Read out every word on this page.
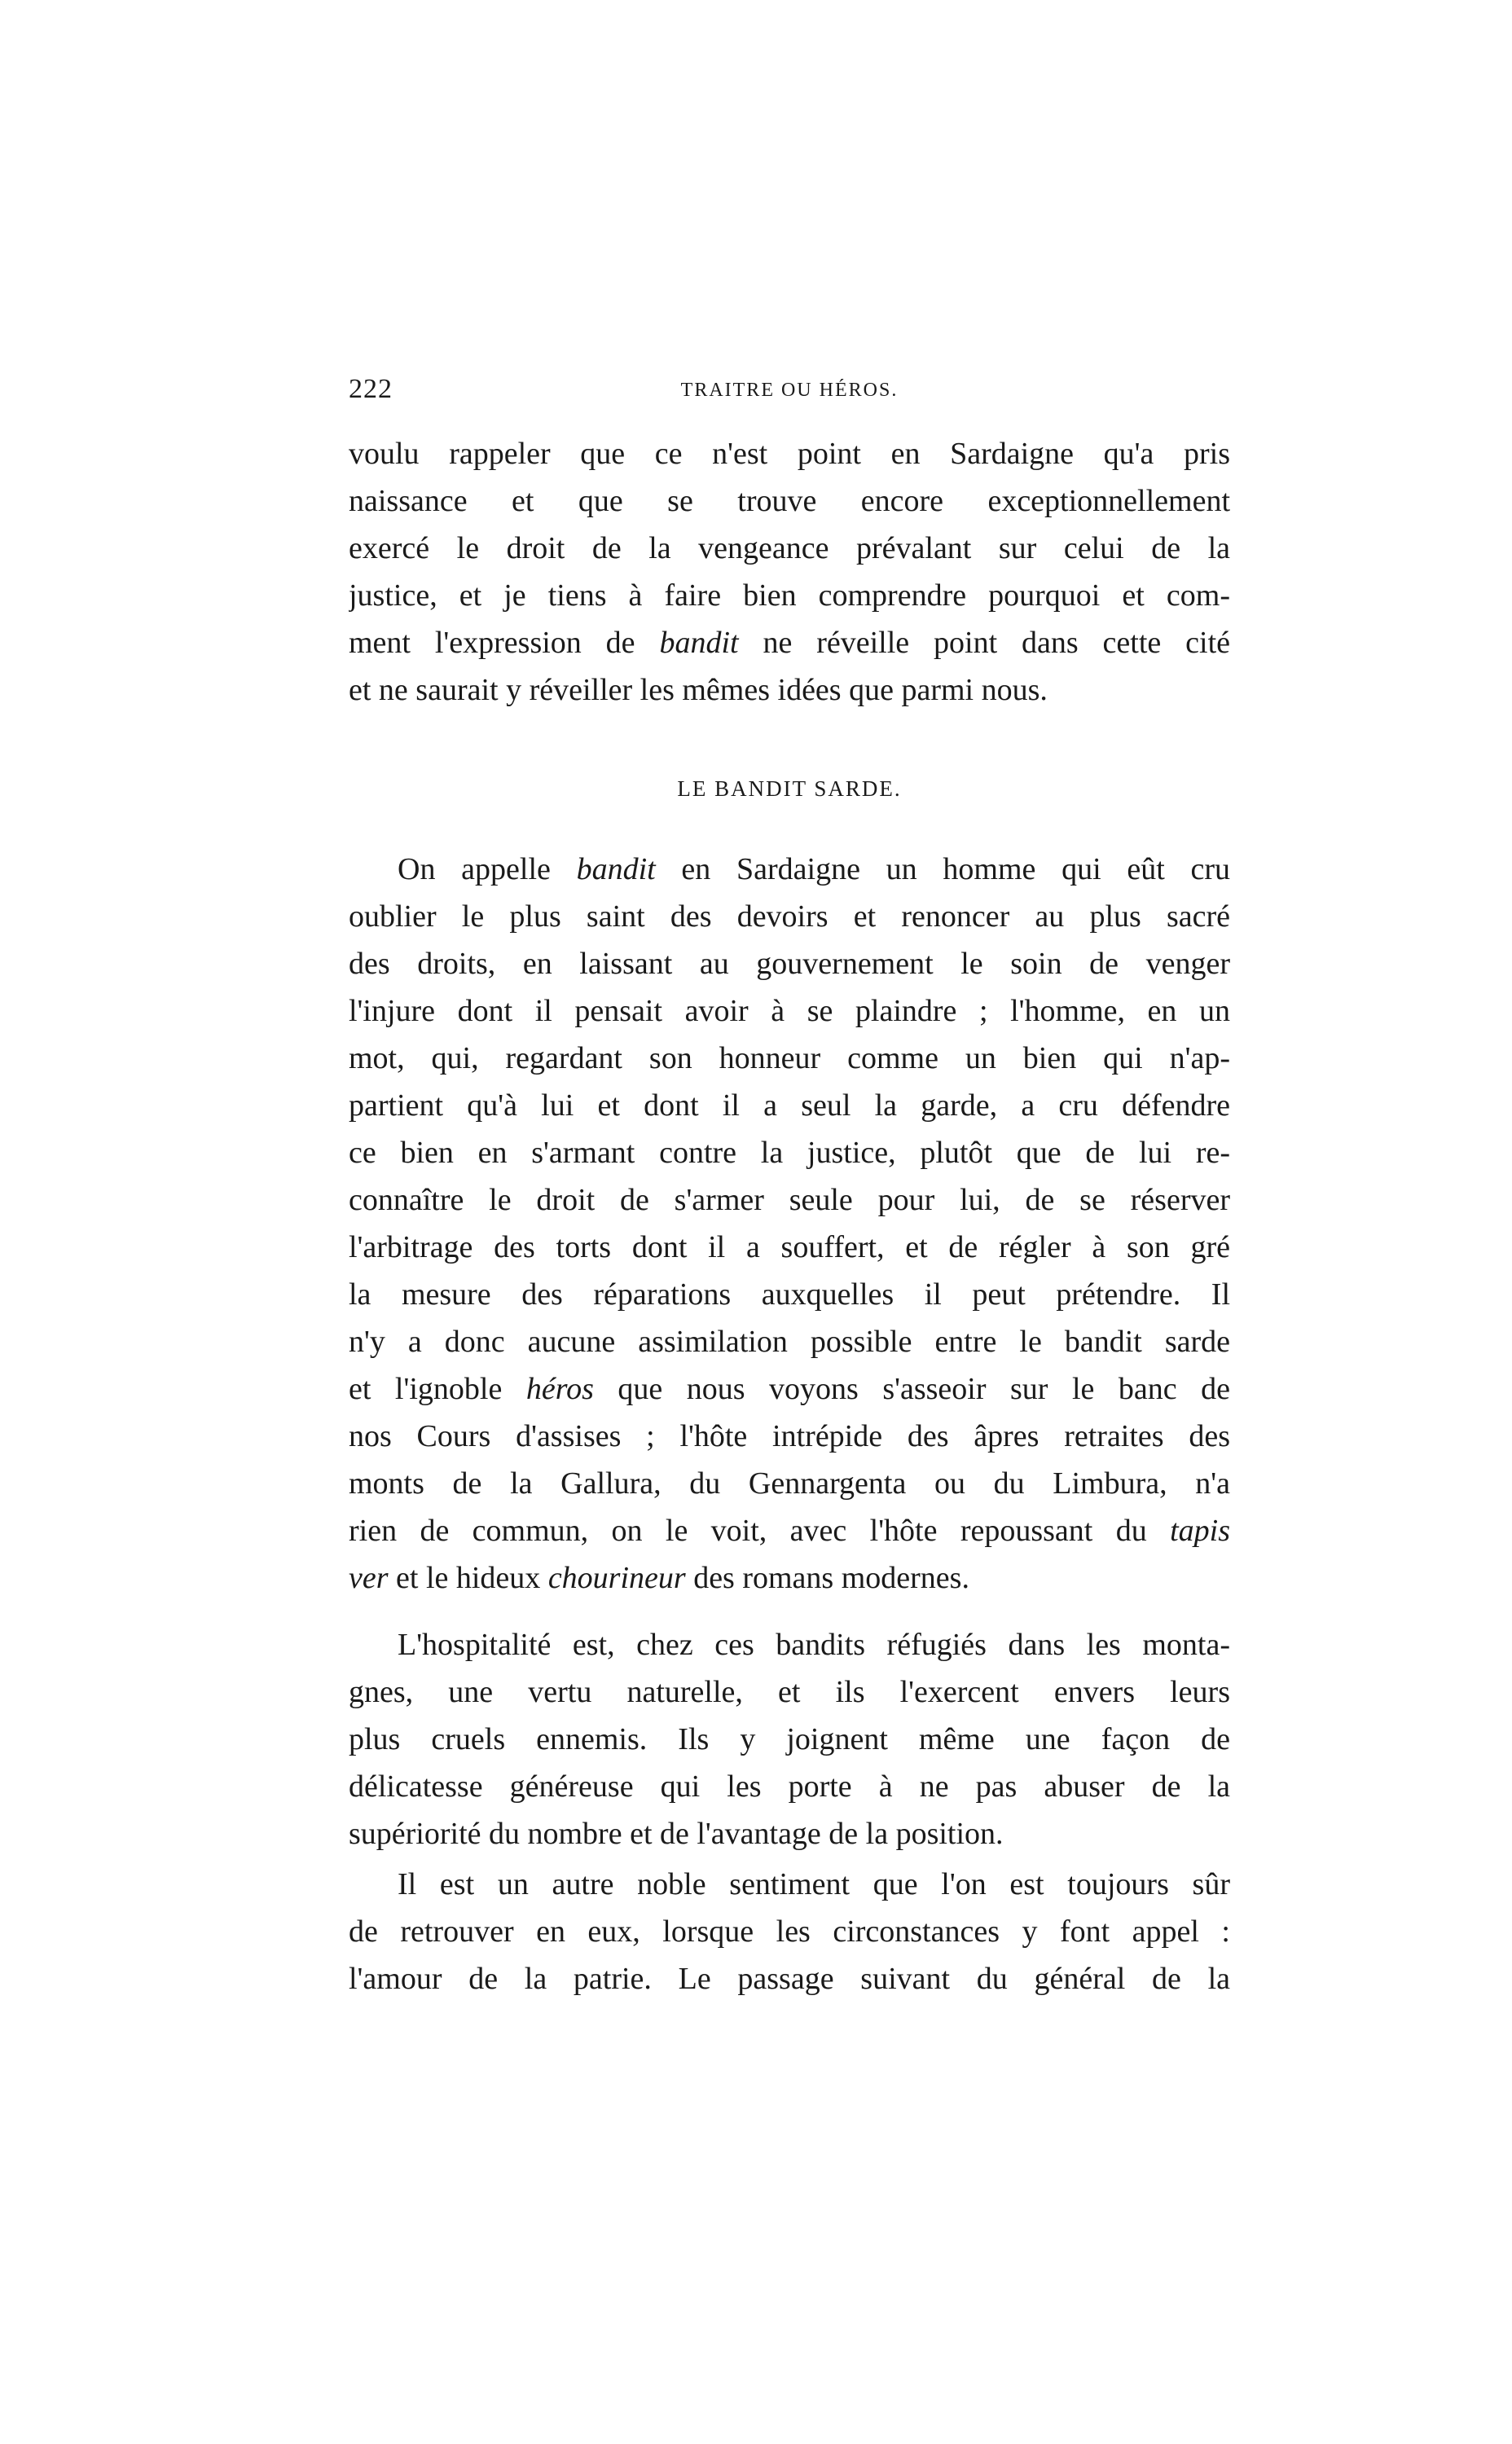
222	TRAITRE OU HÉROS.
voulu rappeler que ce n'est point en Sardaigne qu'a pris
naissance et que se trouve encore exceptionnellement
exercé le droit de la vengeance prévalant sur celui de la
justice, et je tiens à faire bien comprendre pourquoi et com-
ment l'expression de bandit ne réveille point dans cette cité
et ne saurait y réveiller les mêmes idées que parmi nous.
LE BANDIT SARDE.
On appelle bandit en Sardaigne un homme qui eût cru
oublier le plus saint des devoirs et renoncer au plus sacré
des droits, en laissant au gouvernement le soin de venger
l'injure dont il pensait avoir à se plaindre ; l'homme, en un
mot, qui, regardant son honneur comme un bien qui n'ap-
partient qu'à lui et dont il a seul la garde, a cru défendre
ce bien en s'armant contre la justice, plutôt que de lui re-
connaître le droit de s'armer seule pour lui, de se réserver
l'arbitrage des torts dont il a souffert, et de régler à son gré
la mesure des réparations auxquelles il peut prétendre. Il
n'y a donc aucune assimilation possible entre le bandit sarde
et l'ignoble héros que nous voyons s'asseoir sur le banc de
nos Cours d'assises ; l'hôte intrépide des âpres retraites des
monts de la Gallura, du Gennargenta ou du Limbura, n'a
rien de commun, on le voit, avec l'hôte repoussant du tapis
ver et le hideux chourineur des romans modernes.
L'hospitalité est, chez ces bandits réfugiés dans les monta-
gnes, une vertu naturelle, et ils l'exercent envers leurs
plus cruels ennemis. Ils y joignent même une façon de
délicatesse généreuse qui les porte à ne pas abuser de la
supériorité du nombre et de l'avantage de la position.
Il est un autre noble sentiment que l'on est toujours sûr
de retrouver en eux, lorsque les circonstances y font appel :
l'amour de la patrie. Le passage suivant du général de la
